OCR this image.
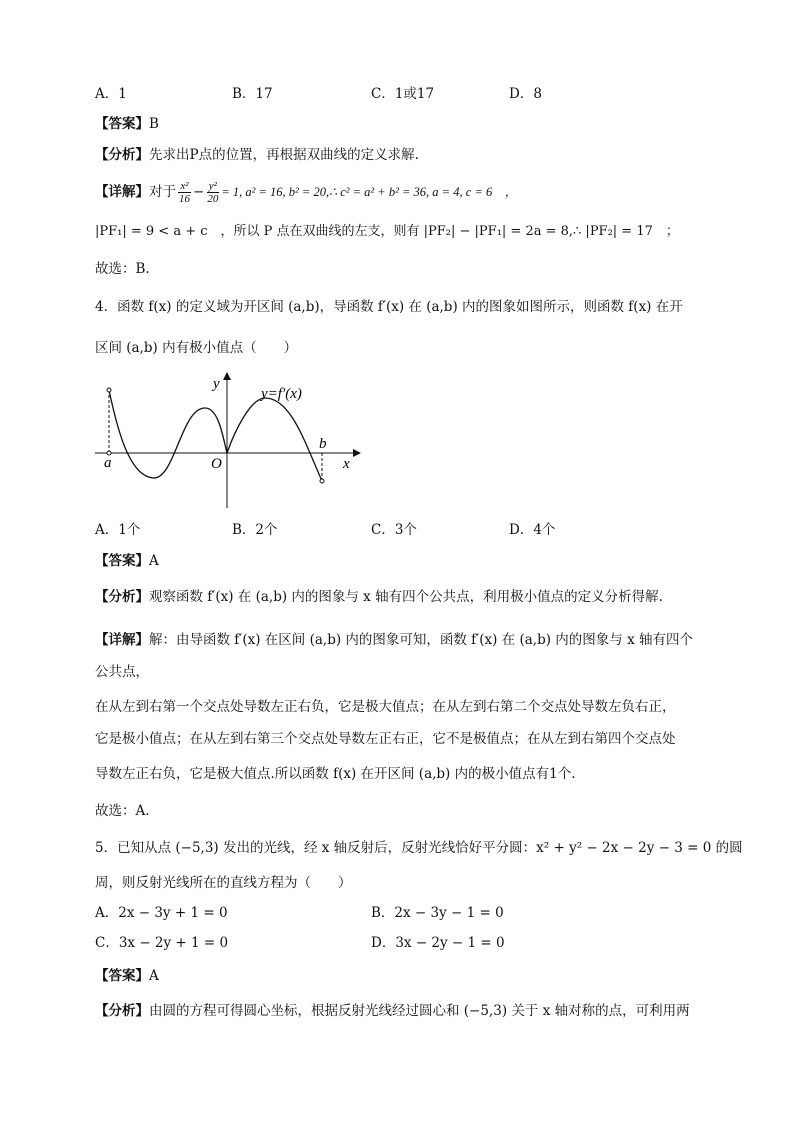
A．1	B．17	C．1或17	D．8
【答案】B
【分析】先求出P点的位置，再根据双曲线的定义求解.
【详解】 对于 $\frac{\text{x²}}{16} - \frac{\text{y²}}{20} = 1$, a² = 16, b² = 20,∴ c² = a² + b² = 36, a = 4, c = 6　，
|PF₁| = 9 < a + c　，所以 P 点在双曲线的左支，则有 |PF₂| − |PF₁| = 2a = 8,∴ |PF₂| = 17　；
故选：B.
4．函数 f(x) 的定义域为开区间 (a,b)，导函数 f′(x) 在 (a,b) 内的图象如图所示，则函数 f(x) 在开
区间 (a,b) 内有极小值点（　　）
y
x
O
a
b
y=f′(x)
A．1个	B．2个	C．3个	D．4个
【答案】A
【分析】观察函数 f′(x) 在 (a,b) 内的图象与 x 轴有四个公共点，利用极小值点的定义分析得解.
【详解】解：由导函数 f′(x) 在区间 (a,b) 内的图象可知，函数 f′(x) 在 (a,b) 内的图象与 x 轴有四个
公共点，
在从左到右第一个交点处导数左正右负，它是极大值点；在从左到右第二个交点处导数左负右正，
它是极小值点；在从左到右第三个交点处导数左正右正，它不是极值点；在从左到右第四个交点处
导数左正右负，它是极大值点.所以函数 f(x) 在开区间 (a,b) 内的极小值点有1个.
故选：A.
5．已知从点 (−5,3) 发出的光线，经 x 轴反射后，反射光线恰好平分圆：x² + y² − 2x − 2y − 3 = 0 的圆
周，则反射光线所在的直线方程为（　　）
A．2x − 3y + 1 = 0	B．2x − 3y − 1 = 0
C．3x − 2y + 1 = 0	D．3x − 2y − 1 = 0
【答案】A
【分析】由圆的方程可得圆心坐标，根据反射光线经过圆心和 (−5,3) 关于 x 轴对称的点，可利用两
